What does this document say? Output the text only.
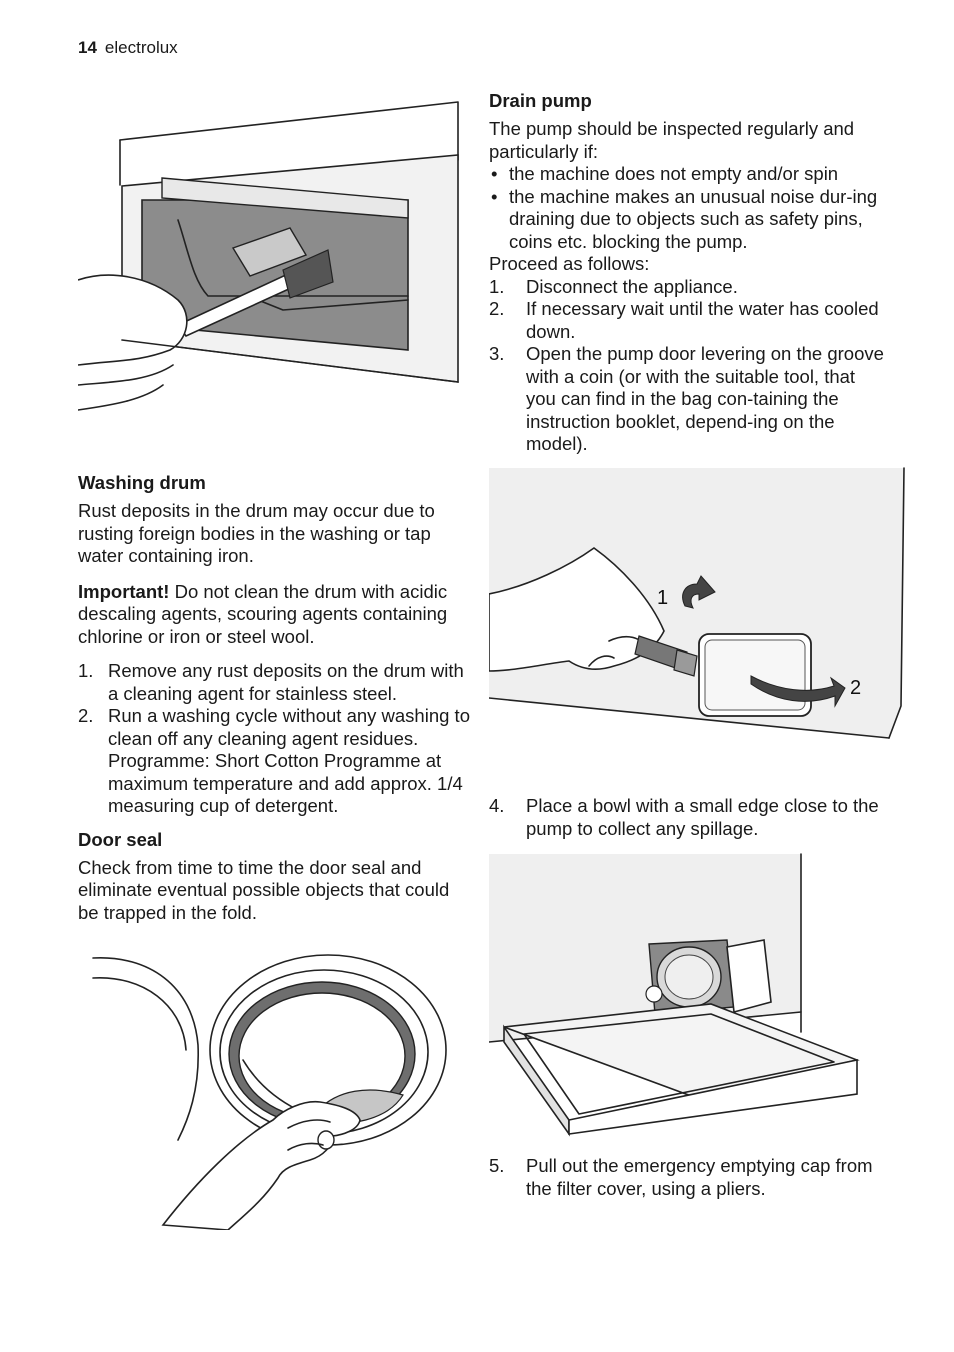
14 electrolux
Washing drum

Rust deposits in the drum may occur due to rusting foreign bodies in the washing or tap water containing iron.

Important! Do not clean the drum with acidic descaling agents, scouring agents containing chlorine or iron or steel wool.

1. Remove any rust deposits on the drum with a cleaning agent for stainless steel.
2. Run a washing cycle without any washing to clean off any cleaning agent residues. Programme: Short Cotton Programme at maximum temperature and add approx. 1/4 measuring cup of detergent.
Door seal

Check from time to time the door seal and eliminate eventual possible objects that could be trapped in the fold.

Drain pump

The pump should be inspected regularly and particularly if:

• the machine does not empty and/or spin
• the machine makes an unusual noise dur-ing draining due to objects such as safety pins, coins etc. blocking the pump.

Proceed as follows:

1. Disconnect the appliance.
2. If necessary wait until the water has cooled down.
3. Open the pump door levering on the groove with a coin (or with the suitable tool, that you can find in the bag con-taining the instruction booklet, depend-ing on the model).
1
2
4. Place a bowl with a small edge close to the pump to collect any spillage.
5. Pull out the emergency emptying cap from the filter cover, using a pliers.
